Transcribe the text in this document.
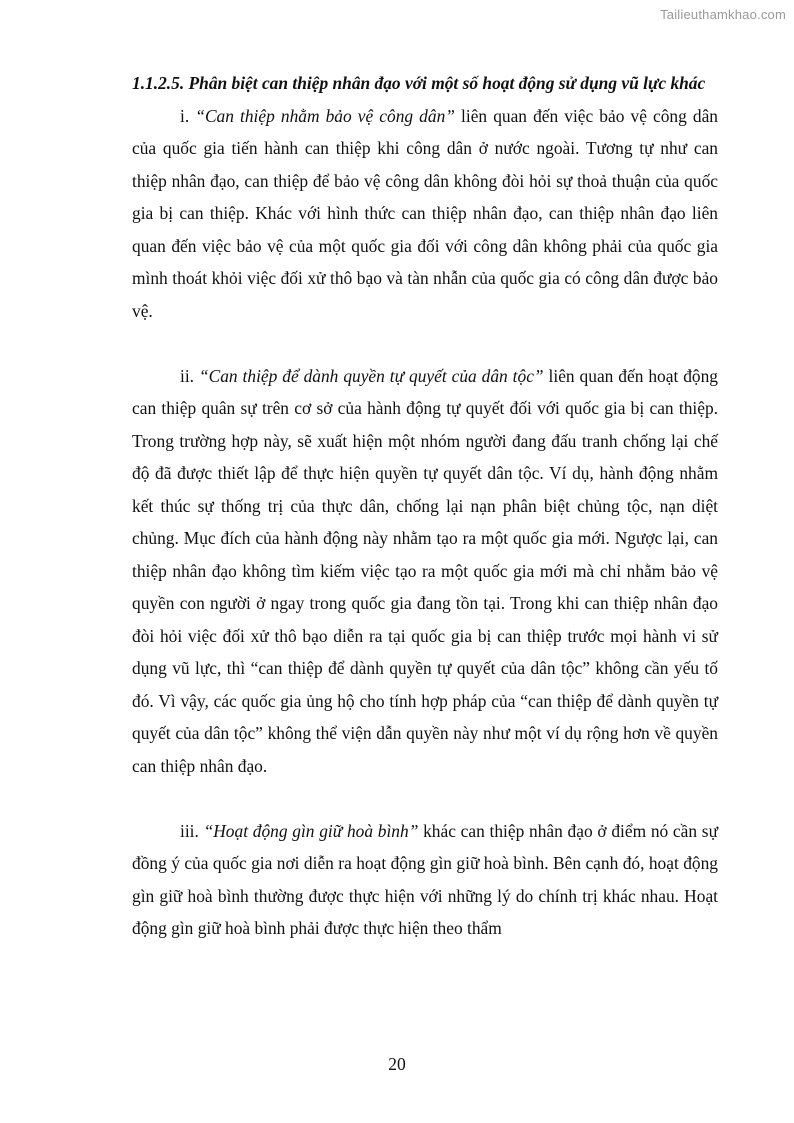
Tailieuthamkhao.com

1.1.2.5. Phân biệt can thiệp nhân đạo với một số hoạt động sử dụng vũ lực khác

i. “Can thiệp nhằm bảo vệ công dân” liên quan đến việc bảo vệ công dân của quốc gia tiến hành can thiệp khi công dân ở nước ngoài. Tương tự như can thiệp nhân đạo, can thiệp để bảo vệ công dân không đòi hỏi sự thoả thuận của quốc gia bị can thiệp. Khác với hình thức can thiệp nhân đạo, can thiệp nhân đạo liên quan đến việc bảo vệ của một quốc gia đối với công dân không phải của quốc gia mình thoát khỏi việc đối xử thô bạo và tàn nhẫn của quốc gia có công dân được bảo vệ.

ii. “Can thiệp để dành quyền tự quyết của dân tộc” liên quan đến hoạt động can thiệp quân sự trên cơ sở của hành động tự quyết đối với quốc gia bị can thiệp. Trong trường hợp này, sẽ xuất hiện một nhóm người đang đấu tranh chống lại chế độ đã được thiết lập để thực hiện quyền tự quyết dân tộc. Ví dụ, hành động nhằm kết thúc sự thống trị của thực dân, chống lại nạn phân biệt chủng tộc, nạn diệt chủng. Mục đích của hành động này nhằm tạo ra một quốc gia mới. Ngược lại, can thiệp nhân đạo không tìm kiếm việc tạo ra một quốc gia mới mà chỉ nhằm bảo vệ quyền con người ở ngay trong quốc gia đang tồn tại. Trong khi can thiệp nhân đạo đòi hỏi việc đối xử thô bạo diễn ra tại quốc gia bị can thiệp trước mọi hành vi sử dụng vũ lực, thì “can thiệp để dành quyền tự quyết của dân tộc” không cần yếu tố đó. Vì vậy, các quốc gia ủng hộ cho tính hợp pháp của “can thiệp để dành quyền tự quyết của dân tộc” không thể viện dẫn quyền này như một ví dụ rộng hơn về quyền can thiệp nhân đạo.

iii. “Hoạt động gìn giữ hoà bình” khác can thiệp nhân đạo ở điểm nó cần sự đồng ý của quốc gia nơi diễn ra hoạt động gìn giữ hoà bình. Bên cạnh đó, hoạt động gìn giữ hoà bình thường được thực hiện với những lý do chính trị khác nhau. Hoạt động gìn giữ hoà bình phải được thực hiện theo thẩm

20
